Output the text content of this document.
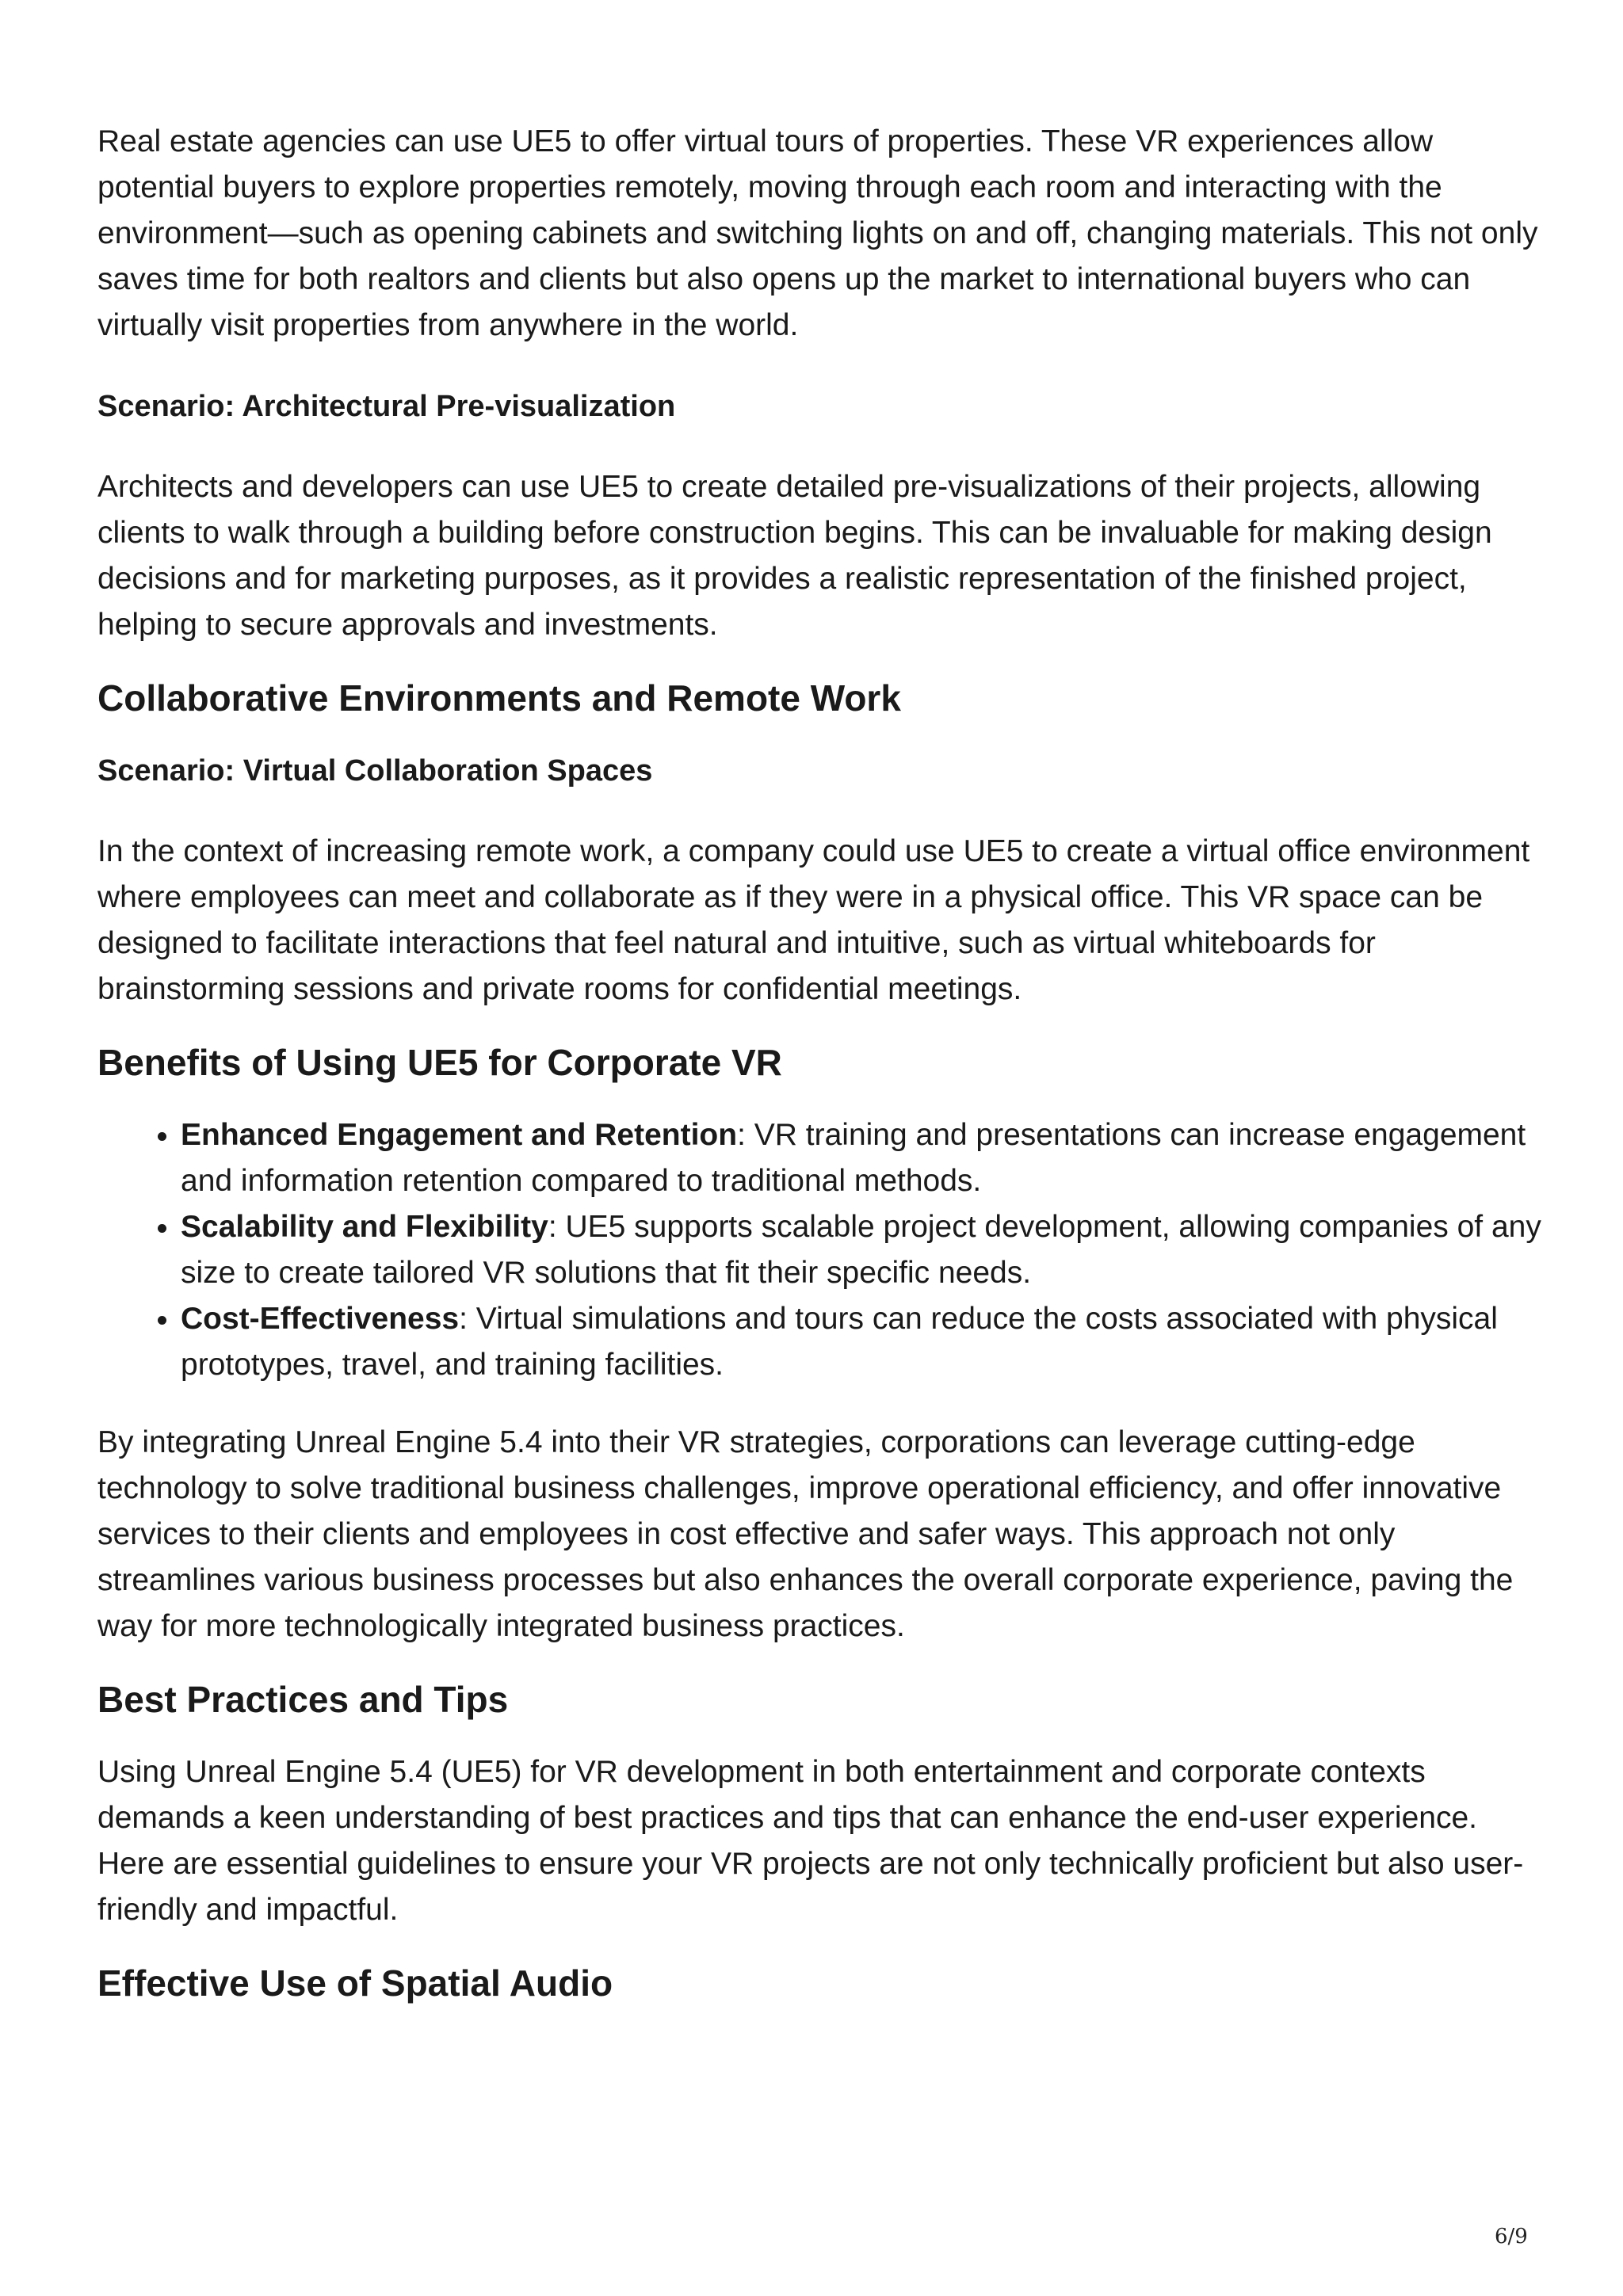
Real estate agencies can use UE5 to offer virtual tours of properties. These VR experiences allow potential buyers to explore properties remotely, moving through each room and interacting with the environment—such as opening cabinets and switching lights on and off, changing materials. This not only saves time for both realtors and clients but also opens up the market to international buyers who can virtually visit properties from anywhere in the world.

Scenario: Architectural Pre-visualization

Architects and developers can use UE5 to create detailed pre-visualizations of their projects, allowing clients to walk through a building before construction begins. This can be invaluable for making design decisions and for marketing purposes, as it provides a realistic representation of the finished project, helping to secure approvals and investments.

Collaborative Environments and Remote Work
Scenario: Virtual Collaboration Spaces

In the context of increasing remote work, a company could use UE5 to create a virtual office environment where employees can meet and collaborate as if they were in a physical office. This VR space can be designed to facilitate interactions that feel natural and intuitive, such as virtual whiteboards for brainstorming sessions and private rooms for confidential meetings.

Benefits of Using UE5 for Corporate VR
• Enhanced Engagement and Retention: VR training and presentations can increase engagement and information retention compared to traditional methods.
• Scalability and Flexibility: UE5 supports scalable project development, allowing companies of any size to create tailored VR solutions that fit their specific needs.
• Cost-Effectiveness: Virtual simulations and tours can reduce the costs associated with physical prototypes, travel, and training facilities.

By integrating Unreal Engine 5.4 into their VR strategies, corporations can leverage cutting-edge technology to solve traditional business challenges, improve operational efficiency, and offer innovative services to their clients and employees in cost effective and safer ways. This approach not only streamlines various business processes but also enhances the overall corporate experience, paving the way for more technologically integrated business practices.

Best Practices and Tips

Using Unreal Engine 5.4 (UE5) for VR development in both entertainment and corporate contexts demands a keen understanding of best practices and tips that can enhance the end-user experience. Here are essential guidelines to ensure your VR projects are not only technically proficient but also user-friendly and impactful.

Effective Use of Spatial Audio
6/9
